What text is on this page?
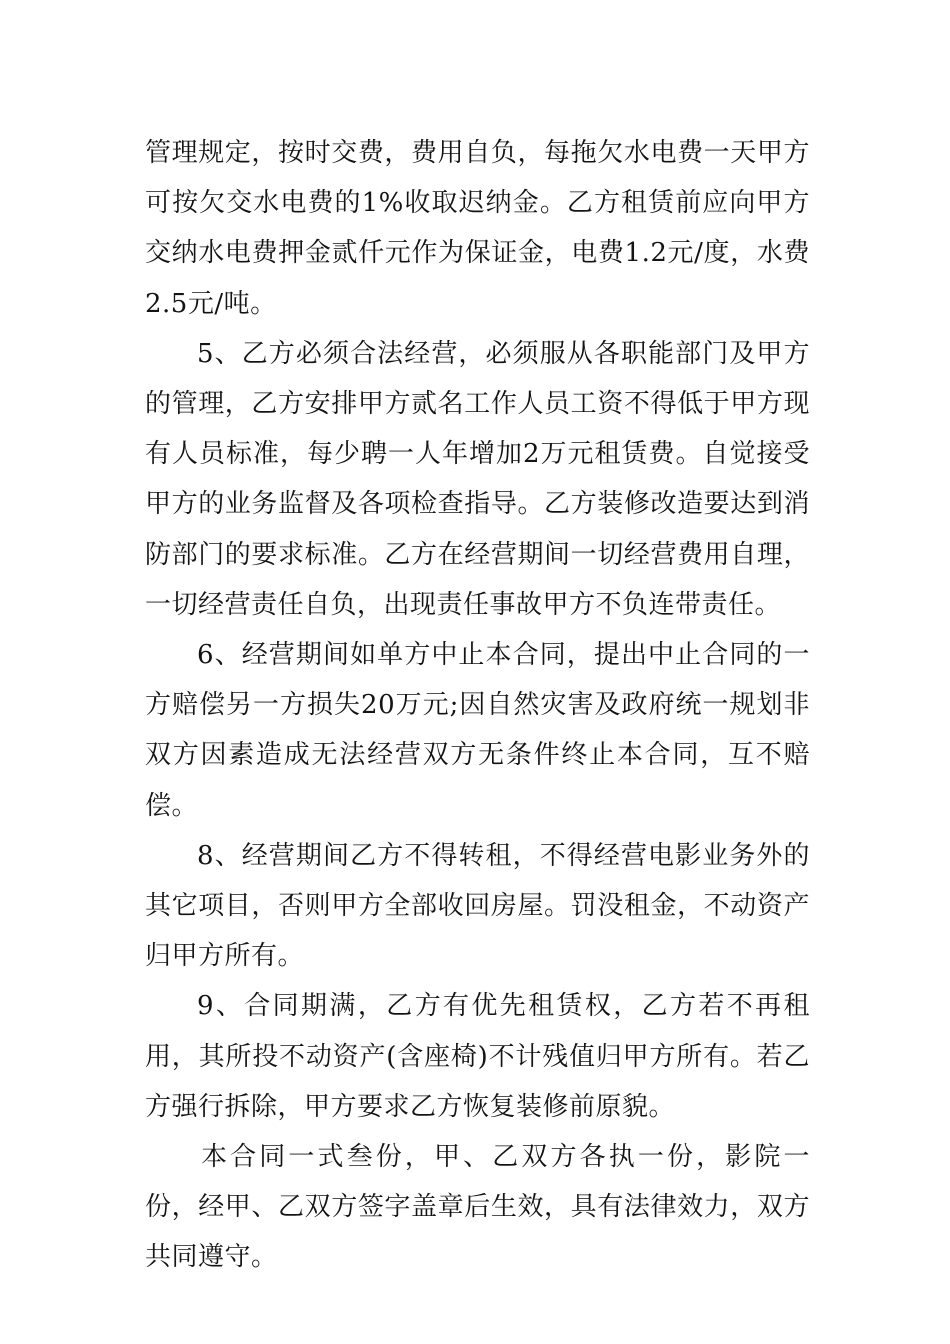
管理规定，按时交费，费用自负，每拖欠水电费一天甲方可按欠交水电费的1%收取迟纳金。乙方租赁前应向甲方交纳水电费押金贰仟元作为保证金，电费1.2元/度，水费2.5元/吨。

5、乙方必须合法经营，必须服从各职能部门及甲方的管理，乙方安排甲方贰名工作人员工资不得低于甲方现有人员标准，每少聘一人年增加2万元租赁费。自觉接受甲方的业务监督及各项检查指导。乙方装修改造要达到消防部门的要求标准。乙方在经营期间一切经营费用自理，一切经营责任自负，出现责任事故甲方不负连带责任。

6、经营期间如单方中止本合同，提出中止合同的一方赔偿另一方损失20万元;因自然灾害及政府统一规划非双方因素造成无法经营双方无条件终止本合同，互不赔偿。

8、经营期间乙方不得转租，不得经营电影业务外的其它项目，否则甲方全部收回房屋。罚没租金，不动资产归甲方所有。

9、合同期满，乙方有优先租赁权，乙方若不再租用，其所投不动资产(含座椅)不计残值归甲方所有。若乙方强行拆除，甲方要求乙方恢复装修前原貌。

本合同一式叁份，甲、乙双方各执一份，影院一份，经甲、乙双方签字盖章后生效，具有法律效力，双方共同遵守。
